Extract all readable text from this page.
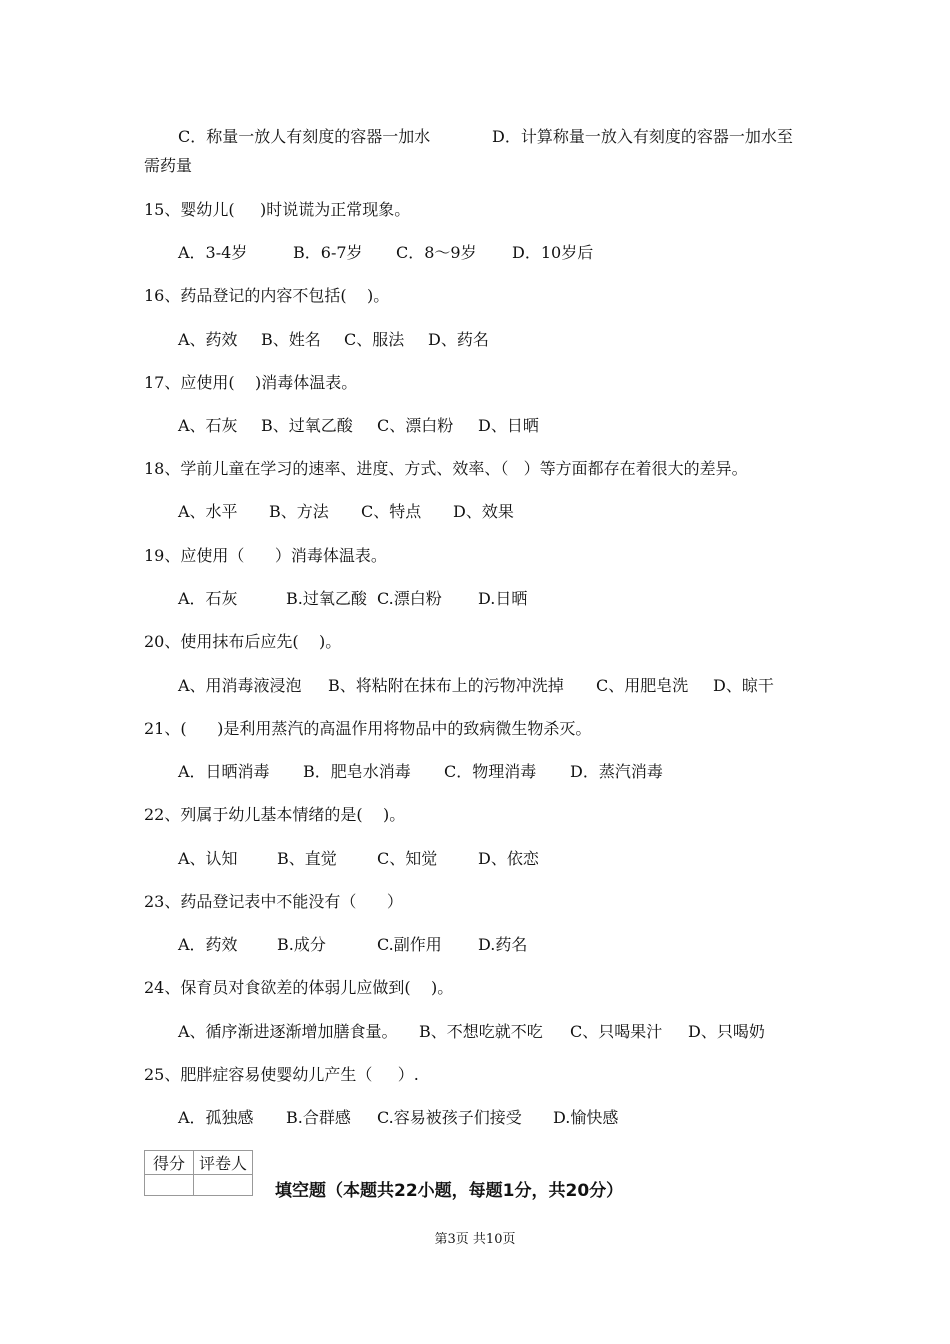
C．称量一放人有刻度的容器一加水	D．计算称量一放入有刻度的容器一加水至
需药量
15、婴幼儿(     )时说谎为正常现象。
A．3-4岁	B．6-7岁 C．8～9岁 D．10岁后
16、药品登记的内容不包括(    )。
A、药效 B、姓名 C、服法 D、药名
17、应使用(    )消毒体温表。
A、石灰 B、过氧乙酸 C、漂白粉 D、日晒
18、学前儿童在学习的速率、进度、方式、效率、（   ）等方面都存在着很大的差异。
A、水平 B、方法 C、特点 D、效果
19、应使用（      ）消毒体温表。
A．石灰	B.过氧乙酸 C.漂白粉 D.日晒
20、使用抹布后应先(    )。
A、用消毒液浸泡 B、将粘附在抹布上的污物冲洗掉 C、用肥皂洗 D、晾干
21、(      )是利用蒸汽的高温作用将物品中的致病微生物杀灭。
A．日晒消毒 B．肥皂水消毒 C．物理消毒 D．蒸汽消毒
22、列属于幼儿基本情绪的是(    )。
A、认知 B、直觉	C、知觉	D、依恋
23、药品登记表中不能没有（      ）
A．药效 B.成分	C.副作用 D.药名
24、保育员对食欲差的体弱儿应做到(    )。
A、循序渐进逐渐增加膳食量。 B、不想吃就不吃 C、只喝果汁 D、只喝奶
25、肥胖症容易使婴幼儿产生（     ）.
A．孤独感 B.合群感 C.容易被孩子们接受 D.愉快感
得分	评卷人

填空题（本题共22小题，每题1分，共20分）
第3页 共10页
